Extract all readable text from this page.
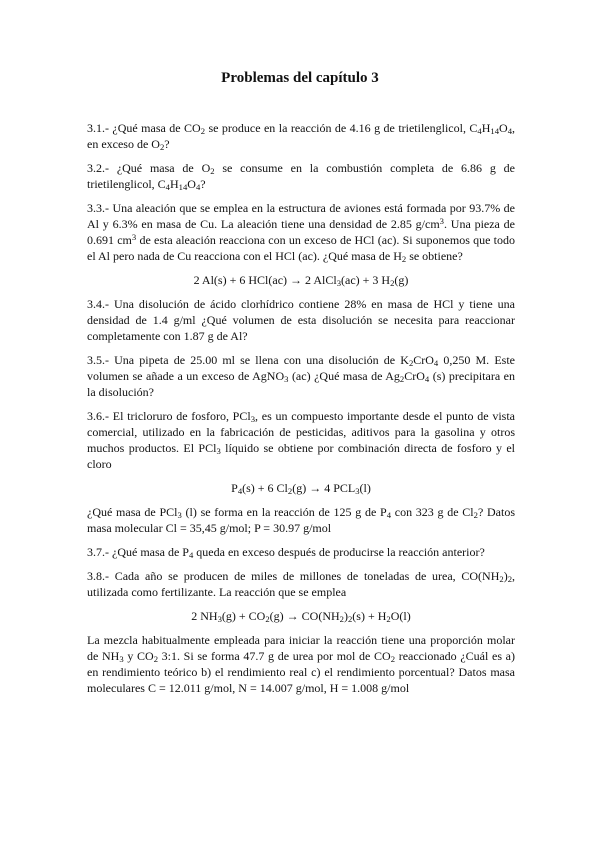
Problemas del capítulo 3

3.1.- ¿Qué masa de $CO_2$ se produce en la reacción de 4.16 g de trietilenglicol, $C_4H_{14}O_4$, en exceso de $O_2$?

3.2.- ¿Qué masa de $O_2$ se consume en la combustión completa de 6.86 g de trietilenglicol, $C_4H_{14}O_4$?

3.3.- Una aleación que se emplea en la estructura de aviones está formada por 93.7% de Al y 6.3% en masa de Cu. La aleación tiene una densidad de 2.85 $g/cm^3$. Una pieza de 0.691 $cm^3$ de esta aleación reacciona con un exceso de HCl (ac). Si suponemos que todo el Al pero nada de Cu reacciona con el HCl (ac). ¿Qué masa de $H_2$ se obtiene?

2 Al(s) + 6 HCl(ac) → 2 AlCl$_3$(ac) + 3 $H_2(g)$

3.4.- Una disolución de ácido clorhídrico contiene 28% en masa de HCl y tiene una densidad de 1.4 g/ml ¿Qué volumen de esta disolución se necesita para reaccionar completamente con 1.87 g de Al?

3.5.- Una pipeta de 25.00 ml se llena con una disolución de $K_2CrO_4$ 0,250 M. Este volumen se añade a un exceso de AgNO$_3$ (ac) ¿Qué masa de $Ag_2CrO_4$ (s) precipitara en la disolución?

3.6.- El tricloruro de fosforo, PCl$_3$, es un compuesto importante desde el punto de vista comercial, utilizado en la fabricación de pesticidas, aditivos para la gasolina y otros muchos productos. El PCl$_3$ líquido se obtiene por combinación directa de fosforo y el cloro

$P_4(s) + 6$ $Cl_2(g) \to 4$ $PCL_3(l)$

¿Qué masa de PCl$_3$ (l) se forma en la reacción de 125 g de $P_4$ con 323 g de $Cl_2$? Datos masa molecular Cl = 35,45 g/mol; P = 30.97 g/mol

3.7.- ¿Qué masa de $P_4$ queda en exceso después de producirse la reacción anterior?

3.8.- Cada año se producen de miles de millones de toneladas de urea, $CO(NH_2)_2$, utilizada como fertilizante. La reacción que se emplea

2 $NH_3(g) + CO_2(g) \to CO(NH_2)_2(s) + H_2O(l)$

La mezcla habitualmente empleada para iniciar la reacción tiene una proporción molar de $NH_3$ y $CO_2$ 3:1. Si se forma 47.7 g de urea por mol de $CO_2$ reaccionado ¿Cuál es a) en rendimiento teórico b) el rendimiento real c) el rendimiento porcentual? Datos masa moleculares C = 12.011 g/mol, N = 14.007 g/mol, H = 1.008 g/mol
